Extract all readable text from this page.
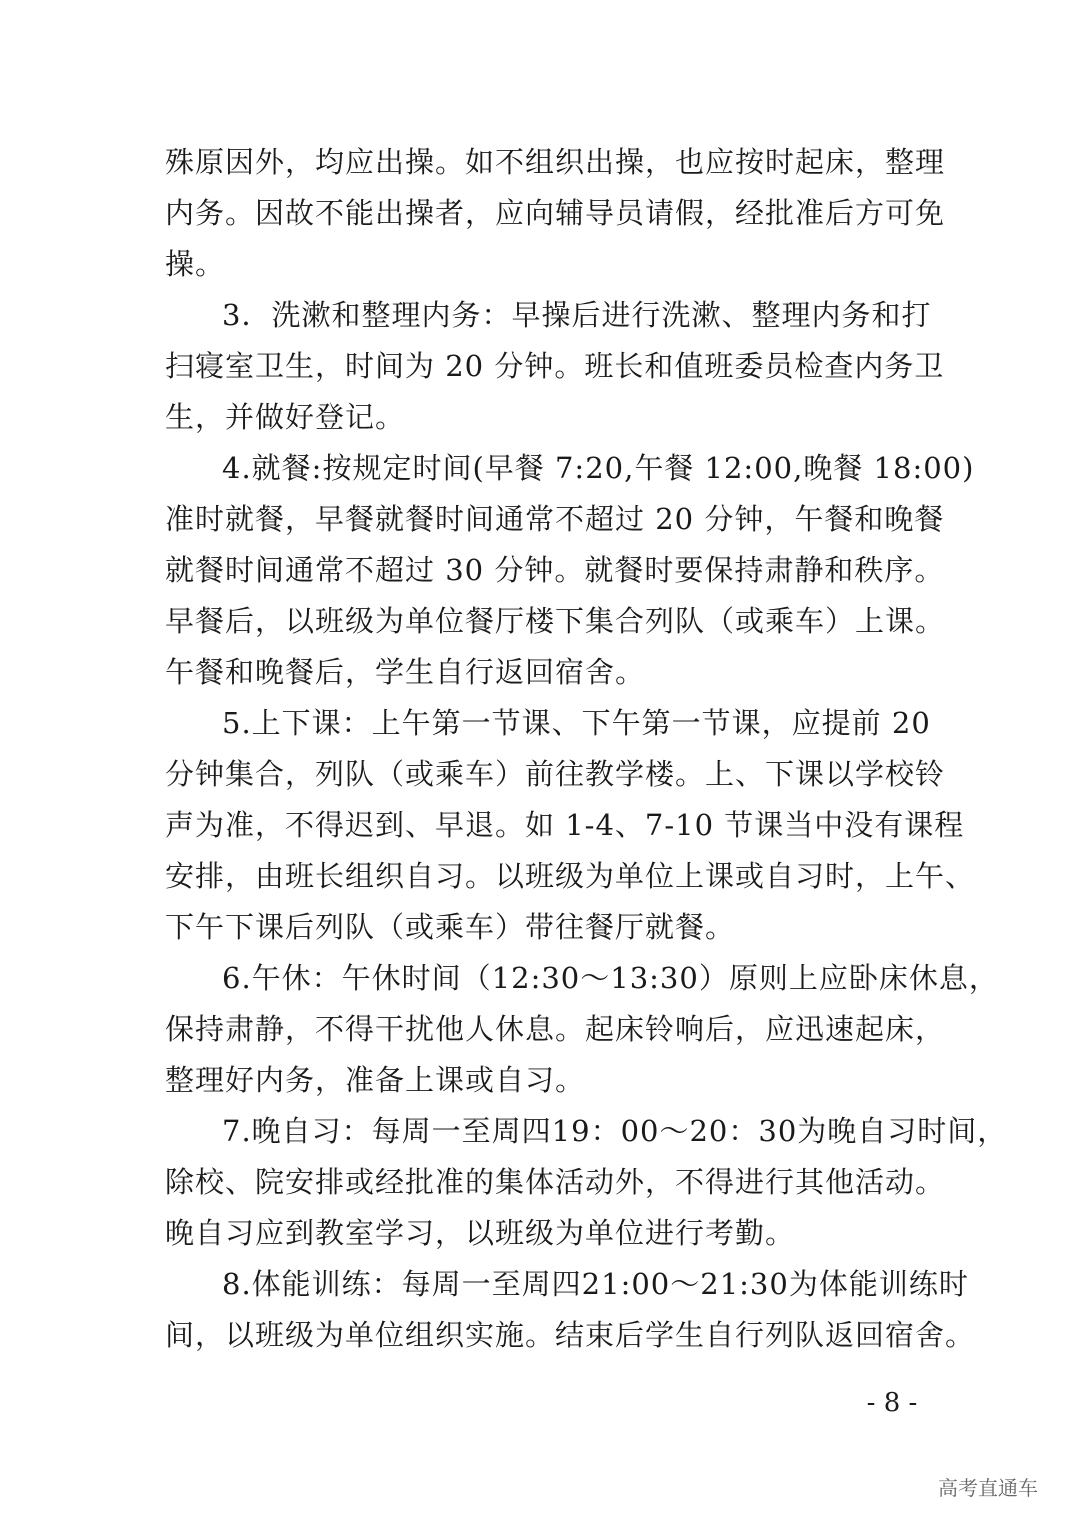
殊原因外，均应出操。如不组织出操，也应按时起床，整理
内务。因故不能出操者，应向辅导员请假，经批准后方可免
操。
3．洗漱和整理内务：早操后进行洗漱、整理内务和打
扫寝室卫生，时间为 20 分钟。班长和值班委员检查内务卫
生，并做好登记。
4.就餐:按规定时间(早餐 7:20,午餐 12:00,晚餐 18:00)
准时就餐，早餐就餐时间通常不超过 20 分钟，午餐和晚餐
就餐时间通常不超过 30 分钟。就餐时要保持肃静和秩序。
早餐后，以班级为单位餐厅楼下集合列队（或乘车）上课。
午餐和晚餐后，学生自行返回宿舍。
5.上下课：上午第一节课、下午第一节课，应提前 20
分钟集合，列队（或乘车）前往教学楼。上、下课以学校铃
声为准，不得迟到、早退。如 1-4、7-10 节课当中没有课程
安排，由班长组织自习。以班级为单位上课或自习时，上午、
下午下课后列队（或乘车）带往餐厅就餐。
6.午休：午休时间（12:30～13:30）原则上应卧床休息，
保持肃静，不得干扰他人休息。起床铃响后，应迅速起床，
整理好内务，准备上课或自习。
7.晚自习：每周一至周四19：00～20：30为晚自习时间，
除校、院安排或经批准的集体活动外，不得进行其他活动。
晚自习应到教室学习，以班级为单位进行考勤。
8.体能训练：每周一至周四21:00～21:30为体能训练时
间，以班级为单位组织实施。结束后学生自行列队返回宿舍。
- 8 -
高考直通车
